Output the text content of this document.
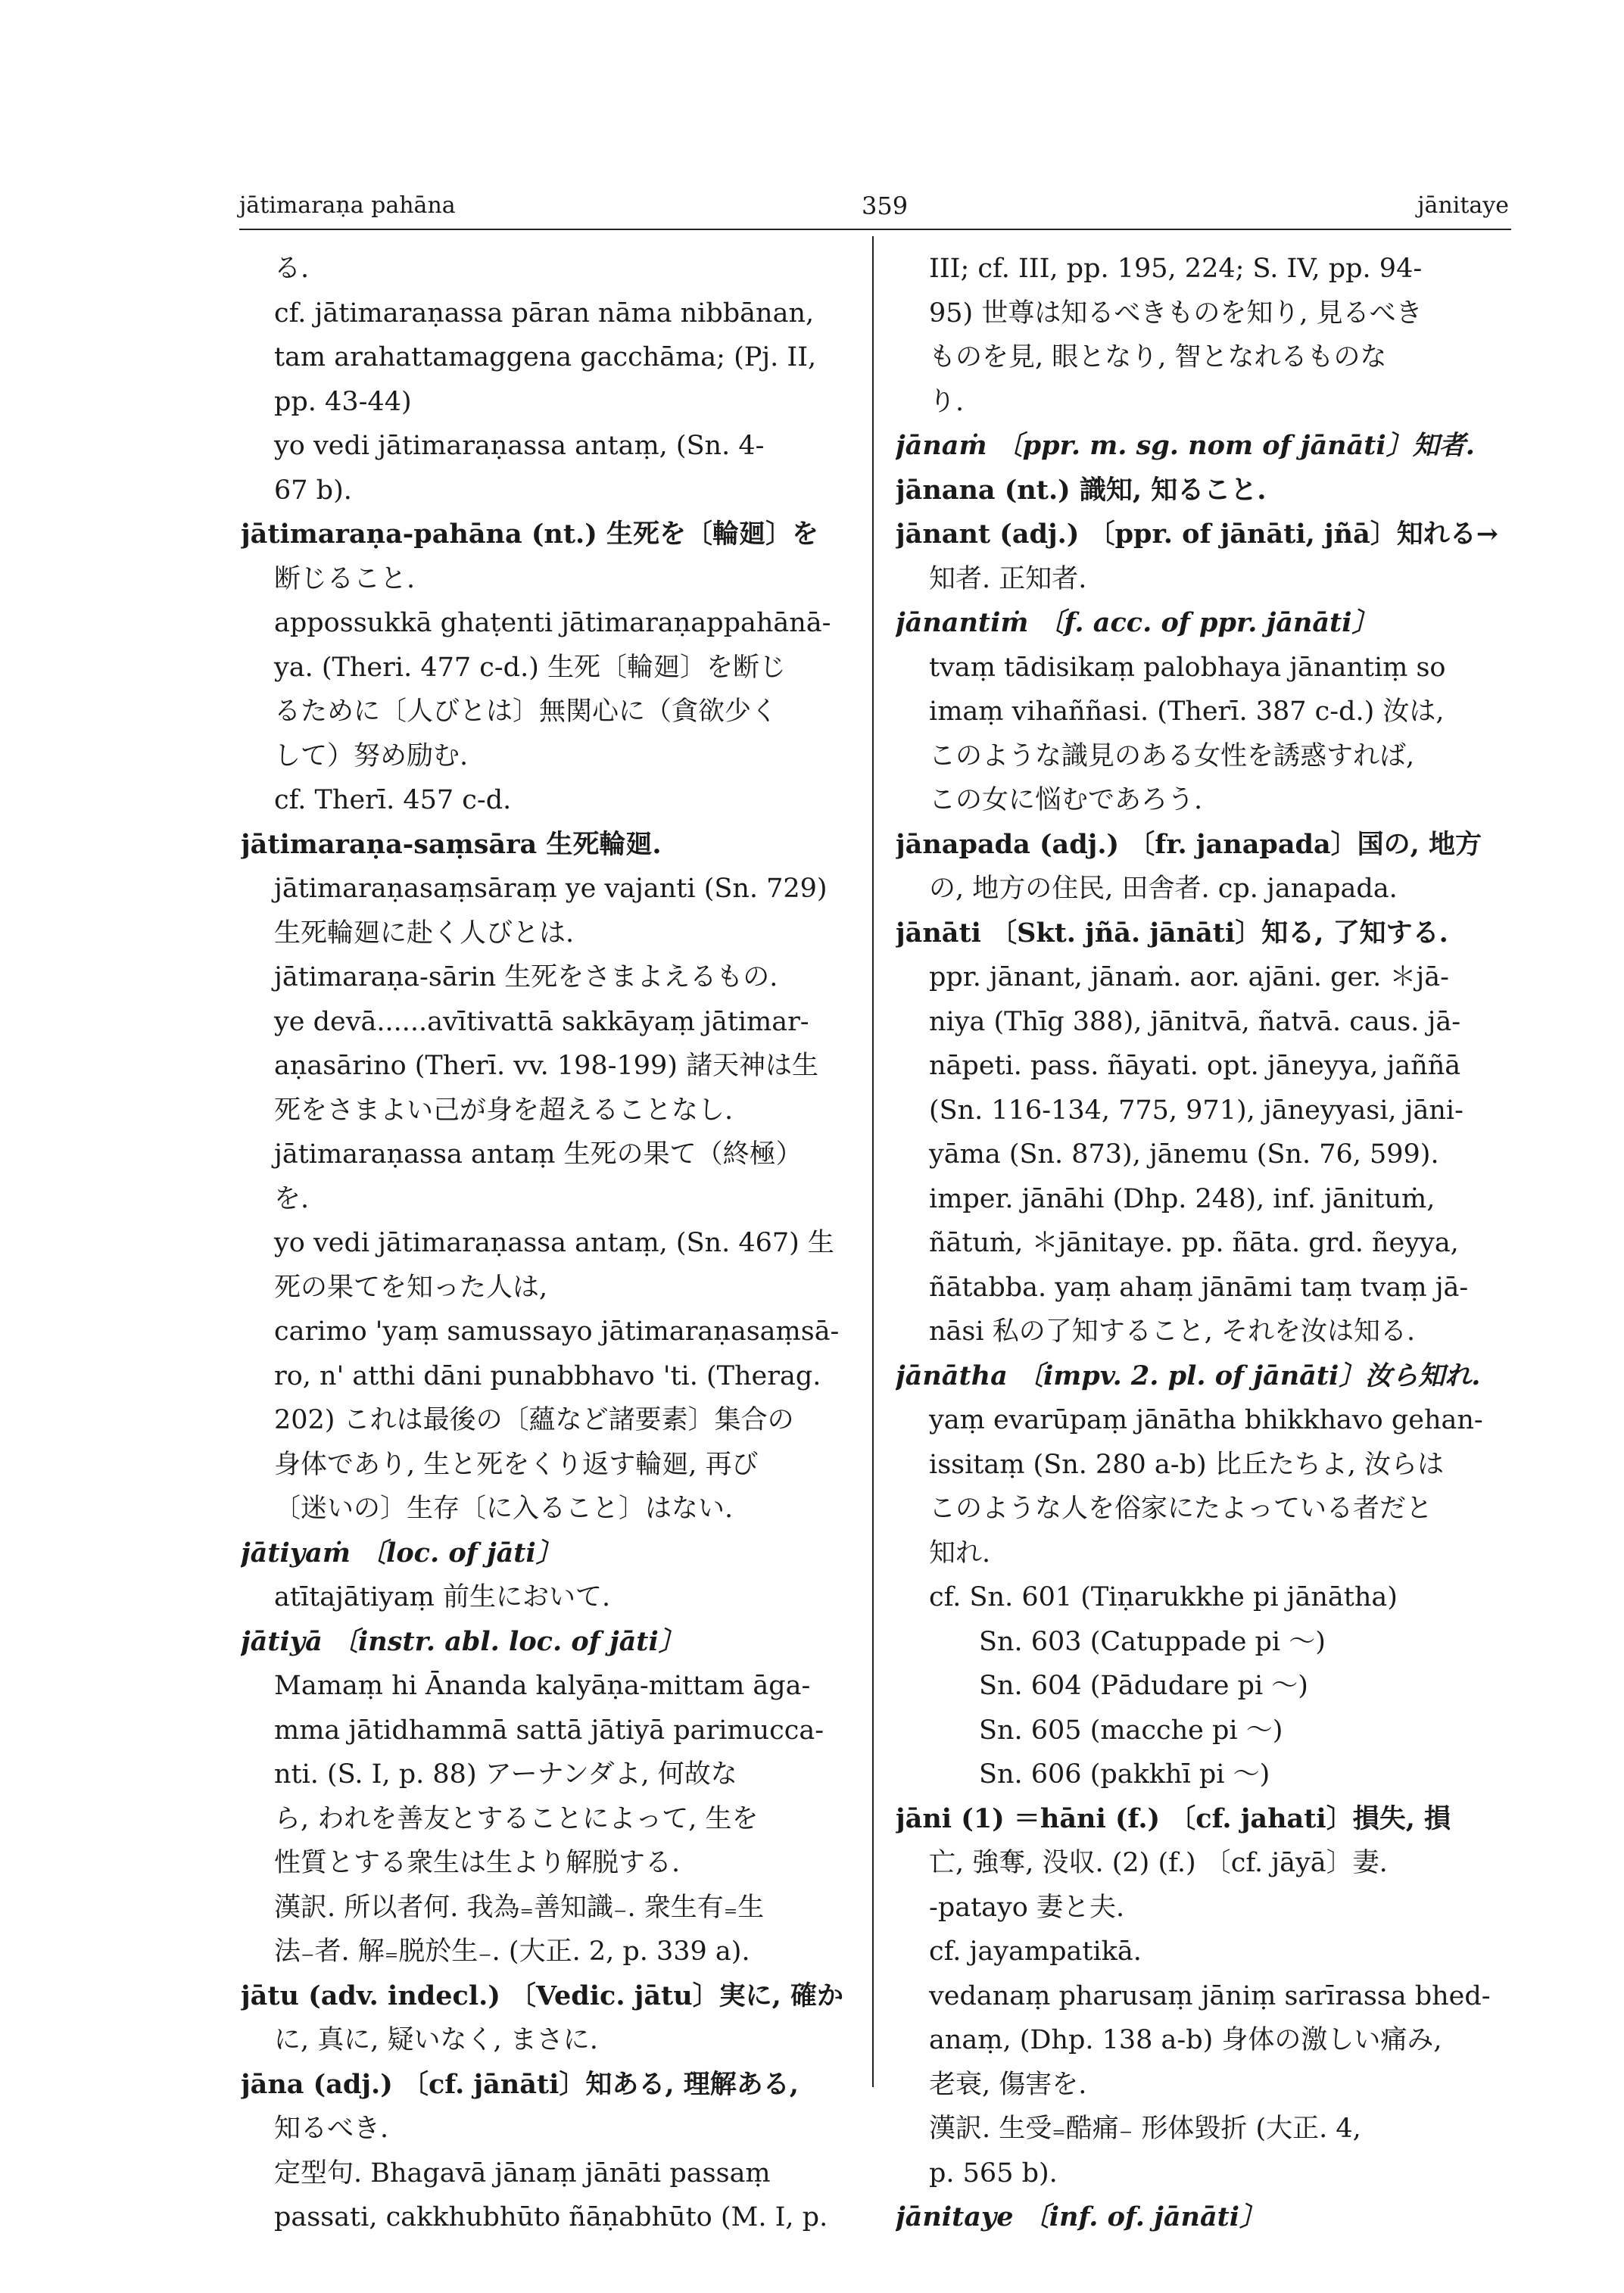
jātimaraṇa pahāna	359	jānitaye

る.

cf. jātimaraṇassa pāran nāma nibbānan,

tam arahattamaggena gacchāma; (Pj. II,

pp. 43-44)

yo vedi jātimaraṇassa antaṃ, (Sn. 4-

67 b).

jātimaraṇa-pahāna (nt.) 生死を〔輪廻〕を

断じること.

appossukkā ghaṭenti jātimaraṇappahānā-

ya. (Theri. 477 c-d.) 生死〔輪廻〕を断じ

るために〔人びとは〕無関心に（貪欲少く

して）努め励む.

cf. Therī. 457 c-d.

jātimaraṇa-saṃsāra 生死輪廻.

jātimaraṇasaṃsāraṃ ye vajanti (Sn. 729)

生死輪廻に赴く人びとは.

jātimaraṇa-sārin 生死をさまよえるもの.

ye devā......avītivattā sakkāyaṃ jātimar-

aṇasārino (Therī. vv. 198-199) 諸天神は生

死をさまよい己が身を超えることなし.

jātimaraṇassa antaṃ 生死の果て（終極）

を.

yo vedi jātimaraṇassa antaṃ, (Sn. 467) 生

死の果てを知った人は,

carimo 'yaṃ samussayo jātimaraṇasaṃsā-

ro, n' atthi dāni punabbhavo 'ti. (Therag.

202) これは最後の〔蘊など諸要素〕集合の

身体であり, 生と死をくり返す輪廻, 再び

〔迷いの〕生存〔に入ること〕はない.

jātiyaṁ 〔loc. of jāti〕

atītajātiyaṃ 前生において.

jātiyā 〔instr. abl. loc. of jāti〕

Mamaṃ hi Ānanda kalyāṇa-mittam āga-

mma jātidhammā sattā jātiyā parimucca-

nti. (S. I, p. 88) アーナンダよ, 何故な

ら, われを善友とすることによって, 生を

性質とする衆生は生より解脱する.

漢訳. 所以者何. 我為₌善知識₋. 衆生有₌生

法₋者. 解₌脱於生₋. (大正. 2, p. 339 a).

jātu (adv. indecl.) 〔Vedic. jātu〕実に, 確か

に, 真に, 疑いなく, まさに.

jāna (adj.) 〔cf. jānāti〕知ある, 理解ある,

知るべき.

定型句. Bhagavā jānaṃ jānāti passaṃ

passati, cakkhubhūto ñāṇabhūto (M. I, p.

III; cf. III, pp. 195, 224; S. IV, pp. 94-

95) 世尊は知るべきものを知り, 見るべき

ものを見, 眼となり, 智となれるものな

り.

jānaṁ 〔ppr. m. sg. nom of jānāti〕知者.

jānana (nt.) 識知, 知ること.

jānant (adj.) 〔ppr. of jānāti, jñā〕知れる→

知者. 正知者.

jānantiṁ 〔f. acc. of ppr. jānāti〕

tvaṃ tādisikaṃ palobhaya jānantiṃ so

imaṃ vihaññasi. (Therī. 387 c-d.) 汝は,

このような識見のある女性を誘惑すれば,

この女に悩むであろう.

jānapada (adj.) 〔fr. janapada〕国の, 地方

の, 地方の住民, 田舎者. cp. janapada.

jānāti 〔Skt. jñā. jānāti〕知る, 了知する.

ppr. jānant, jānaṁ. aor. ajāni. ger. ＊jā-

niya (Thīg 388), jānitvā, ñatvā. caus. jā-

nāpeti. pass. ñāyati. opt. jāneyya, jaññā

(Sn. 116-134, 775, 971), jāneyyasi, jāni-

yāma (Sn. 873), jānemu (Sn. 76, 599).

imper. jānāhi (Dhp. 248), inf. jānituṁ,

ñātuṁ, ＊jānitaye. pp. ñāta. grd. ñeyya,

ñātabba. yaṃ ahaṃ jānāmi taṃ tvaṃ jā-

nāsi 私の了知すること, それを汝は知る.

jānātha 〔impv. 2. pl. of jānāti〕汝ら知れ.

yaṃ evarūpaṃ jānātha bhikkhavo gehan-

issitaṃ (Sn. 280 a-b) 比丘たちよ, 汝らは

このような人を俗家にたよっている者だと

知れ.

cf. Sn. 601 (Tiṇarukkhe pi jānātha)

Sn. 603 (Catuppade pi ～)

Sn. 604 (Pādudare pi ～)

Sn. 605 (macche pi ～)

Sn. 606 (pakkhī pi ～)

jāni (1) ＝hāni (f.) 〔cf. jahati〕損失, 損

亡, 強奪, 没収. (2) (f.) 〔cf. jāyā〕妻.

-patayo 妻と夫.

cf. jayampatikā.

vedanaṃ pharusaṃ jāniṃ sarīrassa bhed-

anaṃ, (Dhp. 138 a-b) 身体の激しい痛み,

老衰, 傷害を.

漢訳. 生受₌酷痛₋ 形体毀折 (大正. 4,

p. 565 b).

jānitaye 〔inf. of. jānāti〕
